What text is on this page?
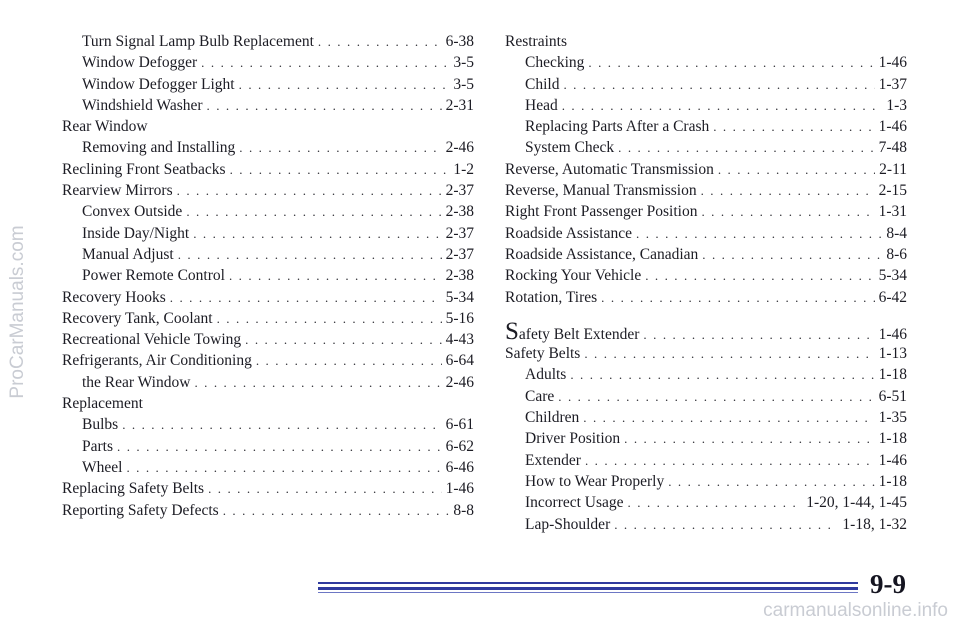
ProCarManuals.com
Turn Signal Lamp Bulb Replacement . . .	6-38
Window Defogger . . .	3-5
Window Defogger Light . . .	3-5
Windshield Washer . . .	2-31
Rear Window
Removing and Installing . . .	2-46
Reclining Front Seatbacks . . .	1-2
Rearview Mirrors . . .	2-37
Convex Outside . . .	2-38
Inside Day/Night . . .	2-37
Manual Adjust . . .	2-37
Power Remote Control . . .	2-38
Recovery Hooks . . .	5-34
Recovery Tank, Coolant . . .	5-16
Recreational Vehicle Towing . . .	4-43
Refrigerants, Air Conditioning . . .	6-64
the Rear Window . . .	2-46
Replacement
Bulbs . . .	6-61
Parts . . .	6-62
Wheel . . .	6-46
Replacing Safety Belts . . .	1-46
Reporting Safety Defects . . .	8-8
Restraints
Checking . . .	1-46
Child . . .	1-37
Head . . .	1-3
Replacing Parts After a Crash . . .	1-46
System Check . . .	7-48
Reverse, Automatic Transmission . . .	2-11
Reverse, Manual Transmission . . .	2-15
Right Front Passenger Position . . .	1-31
Roadside Assistance . . .	8-4
Roadside Assistance, Canadian . . .	8-6
Rocking Your Vehicle . . .	5-34
Rotation, Tires . . .	6-42
Safety Belt Extender . . .	1-46
Safety Belts . . .	1-13
Adults . . .	1-18
Care . . .	6-51
Children . . .	1-35
Driver Position . . .	1-18
Extender . . .	1-46
How to Wear Properly . . .	1-18
Incorrect Usage . . .	1-20, 1-44, 1-45
Lap-Shoulder . . .	1-18, 1-32
9-9
carmanualsonline.info
